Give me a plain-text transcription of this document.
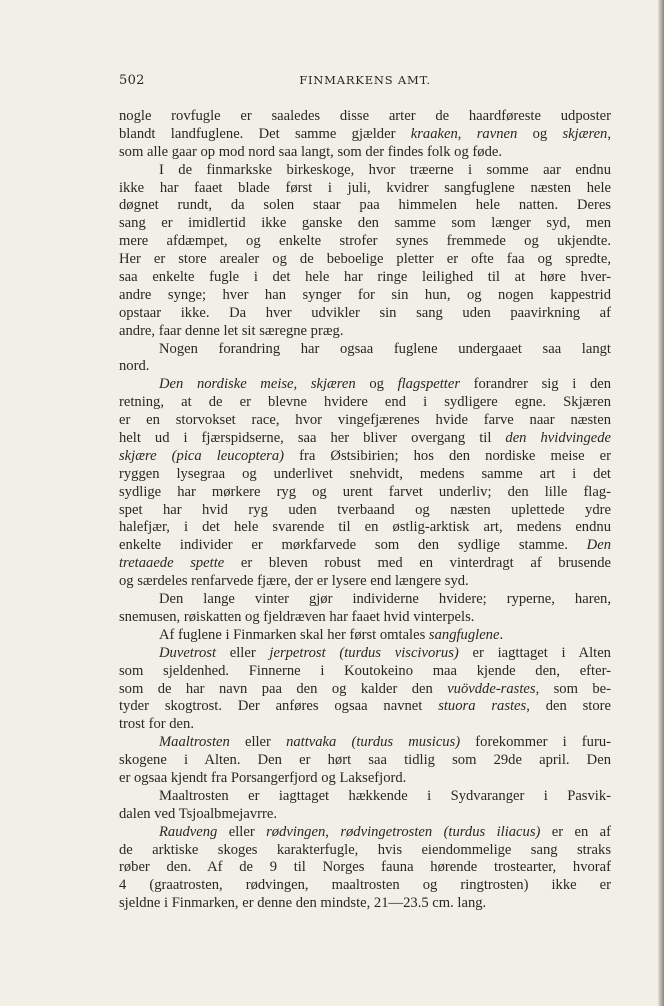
502	FINMARKENS AMT.
nogle rovfugle er saaledes disse arter de haardføreste udposter
blandt landfuglene. Det samme gjælder kraaken, ravnen og skjæren,
som alle gaar op mod nord saa langt, som der findes folk og føde.
I de finmarkske birkeskoge, hvor træerne i somme aar endnu
ikke har faaet blade først i juli, kvidrer sangfuglene næsten hele
døgnet rundt, da solen staar paa himmelen hele natten. Deres
sang er imidlertid ikke ganske den samme som længer syd, men
mere afdæmpet, og enkelte strofer synes fremmede og ukjendte.
Her er store arealer og de beboelige pletter er ofte faa og spredte,
saa enkelte fugle i det hele har ringe leilighed til at høre hver-
andre synge; hver han synger for sin hun, og nogen kappestrid
opstaar ikke. Da hver udvikler sin sang uden paavirkning af
andre, faar denne let sit særegne præg.
Nogen forandring har ogsaa fuglene undergaaet saa langt
nord.
Den nordiske meise, skjæren og flagspetter forandrer sig i den
retning, at de er blevne hvidere end i sydligere egne. Skjæren
er en storvokset race, hvor vingefjærenes hvide farve naar næsten
helt ud i fjærspidserne, saa her bliver overgang til den hvidvingede
skjære (pica leucoptera) fra Østsibirien; hos den nordiske meise er
ryggen lysegraa og underlivet snehvidt, medens samme art i det
sydlige har mørkere ryg og urent farvet underliv; den lille flag-
spet har hvid ryg uden tverbaand og næsten uplettede ydre
halefjær, i det hele svarende til en østlig-arktisk art, medens endnu
enkelte individer er mørkfarvede som den sydlige stamme. Den
tretaaede spette er bleven robust med en vinterdragt af brusende
og særdeles renfarvede fjære, der er lysere end længere syd.
Den lange vinter gjør individerne hvidere; ryperne, haren,
snemusen, røiskatten og fjeldræven har faaet hvid vinterpels.
Af fuglene i Finmarken skal her først omtales sangfuglene.
Duvetrost eller jerpetrost (turdus viscivorus) er iagttaget i Alten
som sjeldenhed. Finnerne i Koutokeino maa kjende den, efter-
som de har navn paa den og kalder den vuövdde-rastes, som be-
tyder skogtrost. Der anføres ogsaa navnet stuora rastes, den store
trost for den.
Maaltrosten eller nattvaka (turdus musicus) forekommer i furu-
skogene i Alten. Den er hørt saa tidlig som 29de april. Den
er ogsaa kjendt fra Porsangerfjord og Laksefjord.
Maaltrosten er iagttaget hækkende i Sydvaranger i Pasvik-
dalen ved Tsjoalbmejavrre.
Raudveng eller rødvingen, rødvingetrosten (turdus iliacus) er en af
de arktiske skoges karakterfugle, hvis eiendommelige sang straks
røber den. Af de 9 til Norges fauna hørende trostearter, hvoraf
4 (graatrosten, rødvingen, maaltrosten og ringtrosten) ikke er
sjeldne i Finmarken, er denne den mindste, 21—23.5 cm. lang.
